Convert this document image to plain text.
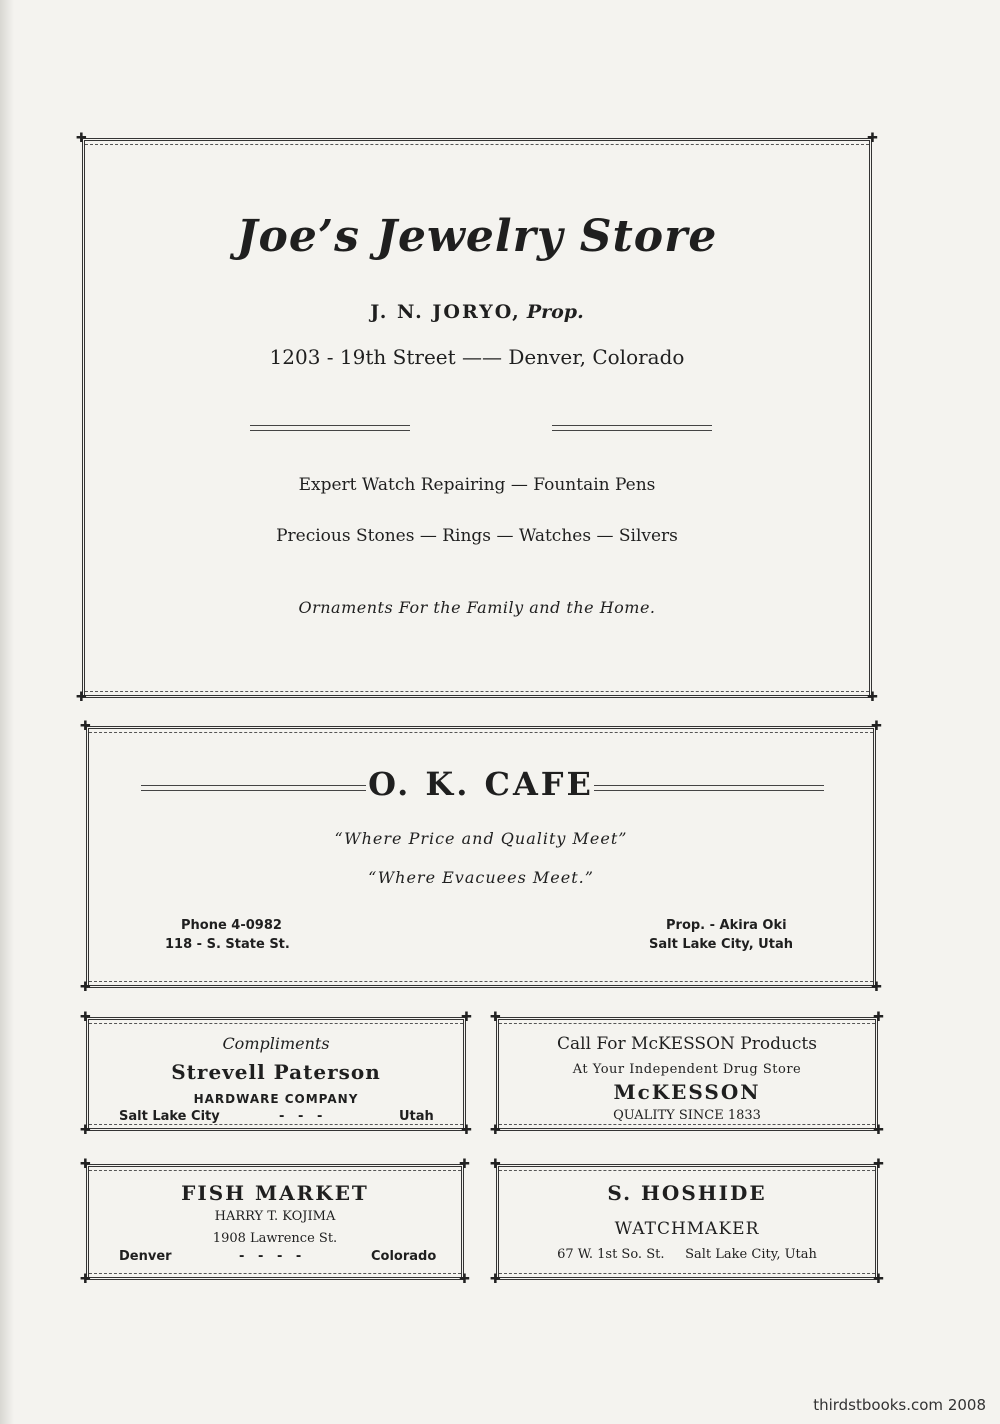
✚	✚
✚	✚
Joe’s Jewelry Store
J. N. JORYO, Prop.
1203 - 19th Street —— Denver, Colorado
Expert Watch Repairing — Fountain Pens
Precious Stones — Rings — Watches — Silvers
Ornaments For the Family and the Home.
✚	✚
✚	✚
O. K. CAFE
“Where Price and Quality Meet”
“Where Evacuees Meet.”
Phone 4-0982
118 - S. State St.
Prop. - Akira Oki
Salt Lake City, Utah
✚	✚
✚	✚
Compliments
Strevell Paterson
HARDWARE COMPANY
Salt Lake City	-   -   -	Utah
✚	✚
✚	✚
Call For McKESSON Products
At Your Independent Drug Store
McKESSON
QUALITY SINCE 1833
✚	✚
✚	✚
FISH MARKET
HARRY T. KOJIMA
1908 Lawrence St.
Denver	-   -   -   -	Colorado
✚	✚
✚	✚
S. HOSHIDE
WATCHMAKER
67 W. 1st So. St.     Salt Lake City, Utah
thirdstbooks.com 2008
